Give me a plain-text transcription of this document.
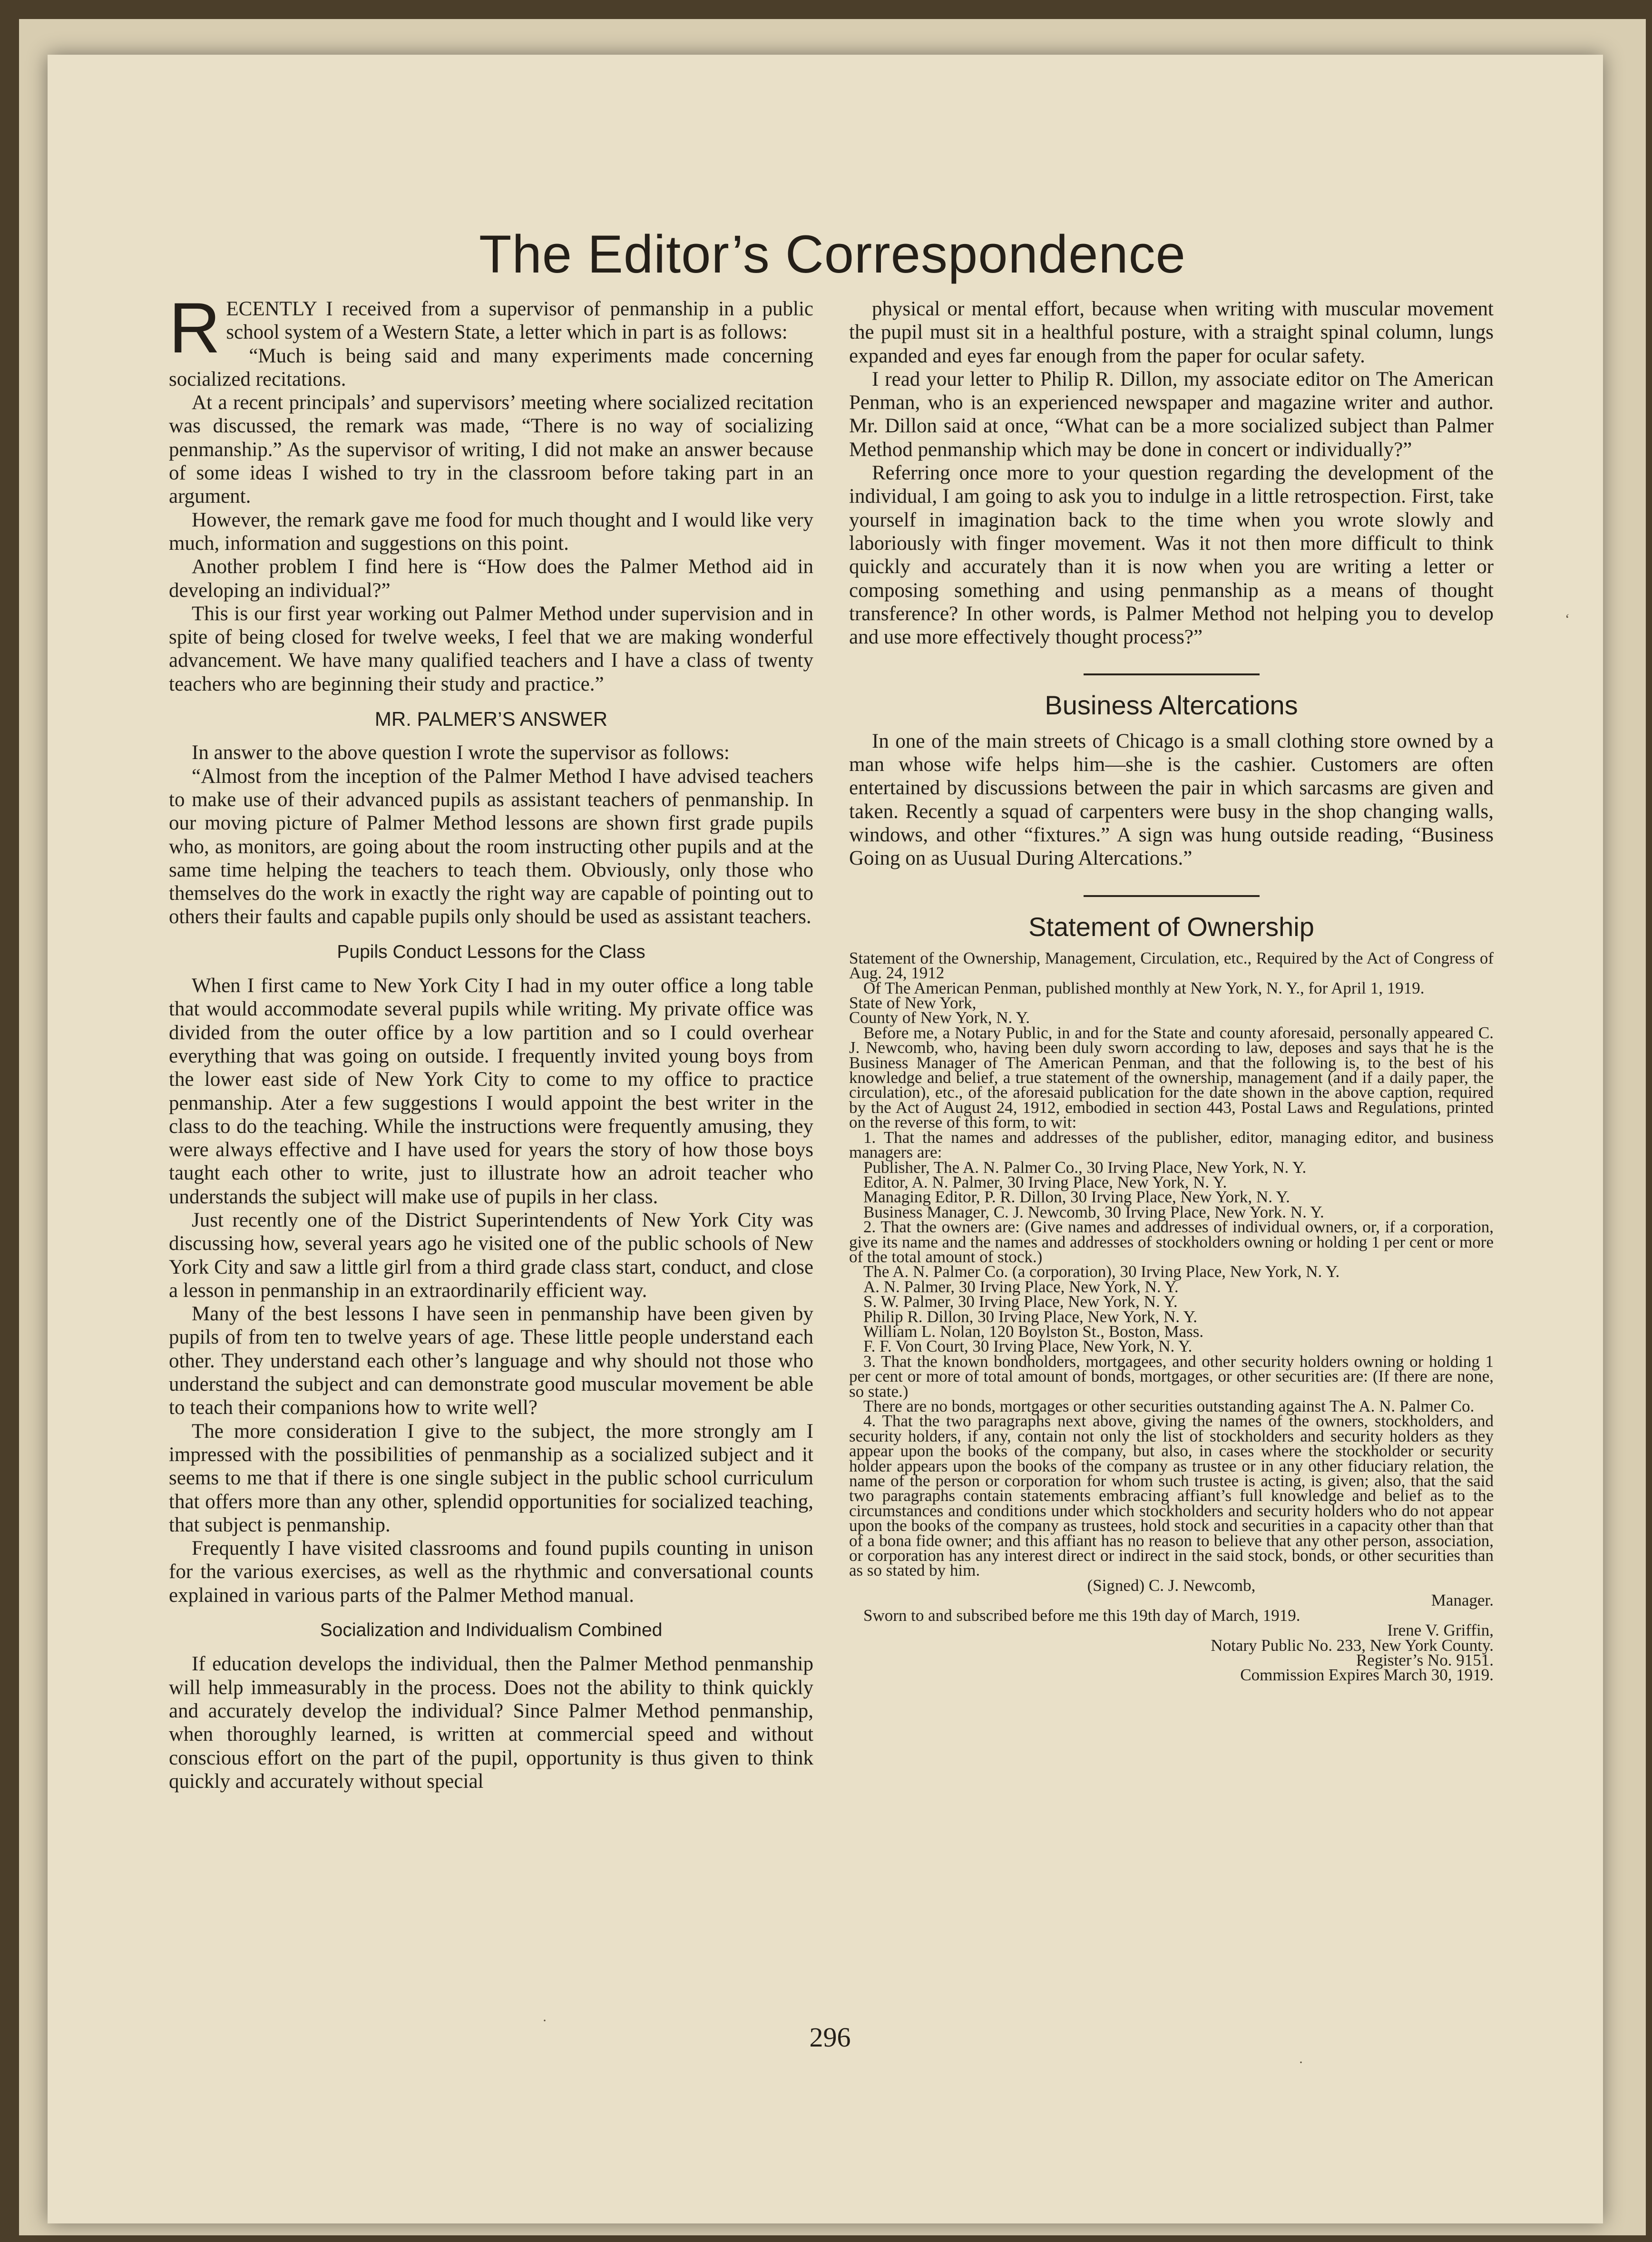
The Editor’s Correspondence

RECENTLY I received from a supervisor of penmanship in a public school system of a Western State, a letter which in part is as follows:

“Much is being said and many experiments made concerning socialized recitations.

At a recent principals’ and supervisors’ meeting where socialized recitation was discussed, the remark was made, “There is no way of socializing penmanship.” As the supervisor of writing, I did not make an answer because of some ideas I wished to try in the classroom before taking part in an argument.

However, the remark gave me food for much thought and I would like very much, information and suggestions on this point.

Another problem I find here is “How does the Palmer Method aid in developing an individual?”

This is our first year working out Palmer Method under supervision and in spite of being closed for twelve weeks, I feel that we are making wonderful advancement. We have many qualified teachers and I have a class of twenty teachers who are beginning their study and practice.”

MR. PALMER’S ANSWER

In answer to the above question I wrote the supervisor as follows:

“Almost from the inception of the Palmer Method I have advised teachers to make use of their advanced pupils as assistant teachers of penmanship. In our moving picture of Palmer Method lessons are shown first grade pupils who, as monitors, are going about the room instructing other pupils and at the same time helping the teachers to teach them. Obviously, only those who themselves do the work in exactly the right way are capable of pointing out to others their faults and capable pupils only should be used as assistant teachers.

Pupils Conduct Lessons for the Class

When I first came to New York City I had in my outer office a long table that would accommodate several pupils while writing. My private office was divided from the outer office by a low partition and so I could overhear everything that was going on outside. I frequently invited young boys from the lower east side of New York City to come to my office to practice penmanship. Ater a few suggestions I would appoint the best writer in the class to do the teaching. While the instructions were frequently amusing, they were always effective and I have used for years the story of how those boys taught each other to write, just to illustrate how an adroit teacher who understands the subject will make use of pupils in her class.

Just recently one of the District Superintendents of New York City was discussing how, several years ago he visited one of the public schools of New York City and saw a little girl from a third grade class start, conduct, and close a lesson in penmanship in an extraordinarily efficient way.

Many of the best lessons I have seen in penmanship have been given by pupils of from ten to twelve years of age. These little people understand each other. They understand each other’s language and why should not those who understand the subject and can demonstrate good muscular movement be able to teach their companions how to write well?

The more consideration I give to the subject, the more strongly am I impressed with the possibilities of penmanship as a socialized subject and it seems to me that if there is one single subject in the public school curriculum that offers more than any other, splendid opportunities for socialized teaching, that subject is penmanship.

Frequently I have visited classrooms and found pupils counting in unison for the various exercises, as well as the rhythmic and conversational counts explained in various parts of the Palmer Method manual.

Socialization and Individualism Combined

If education develops the individual, then the Palmer Method penmanship will help immeasurably in the process. Does not the ability to think quickly and accurately develop the individual? Since Palmer Method penmanship, when thoroughly learned, is written at commercial speed and without conscious effort on the part of the pupil, opportunity is thus given to think quickly and accurately without special

physical or mental effort, because when writing with muscular movement the pupil must sit in a healthful posture, with a straight spinal column, lungs expanded and eyes far enough from the paper for ocular safety.

I read your letter to Philip R. Dillon, my associate editor on The American Penman, who is an experienced newspaper and magazine writer and author. Mr. Dillon said at once, “What can be a more socialized subject than Palmer Method penmanship which may be done in concert or individually?”

Referring once more to your question regarding the development of the individual, I am going to ask you to indulge in a little retrospection. First, take yourself in imagination back to the time when you wrote slowly and laboriously with finger movement. Was it not then more difficult to think quickly and accurately than it is now when you are writing a letter or composing something and using penmanship as a means of thought transference? In other words, is Palmer Method not helping you to develop and use more effectively thought process?”

Business Altercations

In one of the main streets of Chicago is a small clothing store owned by a man whose wife helps him—she is the cashier. Customers are often entertained by discussions between the pair in which sarcasms are given and taken. Recently a squad of carpenters were busy in the shop changing walls, windows, and other “fixtures.” A sign was hung outside reading, “Business Going on as Uusual During Altercations.”

Statement of Ownership

Statement of the Ownership, Management, Circulation, etc., Required by the Act of Congress of Aug. 24, 1912

Of The American Penman, published monthly at New York, N. Y., for April 1, 1919.

State of New York,

County of New York, N. Y.

Before me, a Notary Public, in and for the State and county aforesaid, personally appeared C. J. Newcomb, who, having been duly sworn according to law, deposes and says that he is the Business Manager of The American Penman, and that the following is, to the best of his knowledge and belief, a true statement of the ownership, management (and if a daily paper, the circulation), etc., of the aforesaid publication for the date shown in the above caption, required by the Act of August 24, 1912, embodied in section 443, Postal Laws and Regulations, printed on the reverse of this form, to wit:

1. That the names and addresses of the publisher, editor, managing editor, and business managers are:

Publisher, The A. N. Palmer Co., 30 Irving Place, New York, N. Y.

Editor, A. N. Palmer, 30 Irving Place, New York, N. Y.

Managing Editor, P. R. Dillon, 30 Irving Place, New York, N. Y.

Business Manager, C. J. Newcomb, 30 Irving Place, New York. N. Y.

2. That the owners are: (Give names and addresses of individual owners, or, if a corporation, give its name and the names and addresses of stockholders owning or holding 1 per cent or more of the total amount of stock.)

The A. N. Palmer Co. (a corporation), 30 Irving Place, New York, N. Y.

A. N. Palmer, 30 Irving Place, New York, N. Y.

S. W. Palmer, 30 Irving Place, New York, N. Y.

Philip R. Dillon, 30 Irving Place, New York, N. Y.

William L. Nolan, 120 Boylston St., Boston, Mass.

F. F. Von Court, 30 Irving Place, New York, N. Y.

3. That the known bondholders, mortgagees, and other security holders owning or holding 1 per cent or more of total amount of bonds, mortgages, or other securities are: (If there are none, so state.)

There are no bonds, mortgages or other securities outstanding against The A. N. Palmer Co.

4. That the two paragraphs next above, giving the names of the owners, stockholders, and security holders, if any, contain not only the list of stockholders and security holders as they appear upon the books of the company, but also, in cases where the stockholder or security holder appears upon the books of the company as trustee or in any other fiduciary relation, the name of the person or corporation for whom such trustee is acting, is given; also, that the said two paragraphs contain statements embracing affiant’s full knowledge and belief as to the circumstances and conditions under which stockholders and security holders who do not appear upon the books of the company as trustees, hold stock and securities in a capacity other than that of a bona fide owner; and this affiant has no reason to believe that any other person, association, or corporation has any interest direct or indirect in the said stock, bonds, or other securities than as so stated by him.

(Signed) C. J. Newcomb,

Manager.

Sworn to and subscribed before me this 19th day of March, 1919.

Irene V. Griffin,

Notary Public No. 233, New York County.

Register’s No. 9151.

Commission Expires March 30, 1919.

296
·
·
‘
